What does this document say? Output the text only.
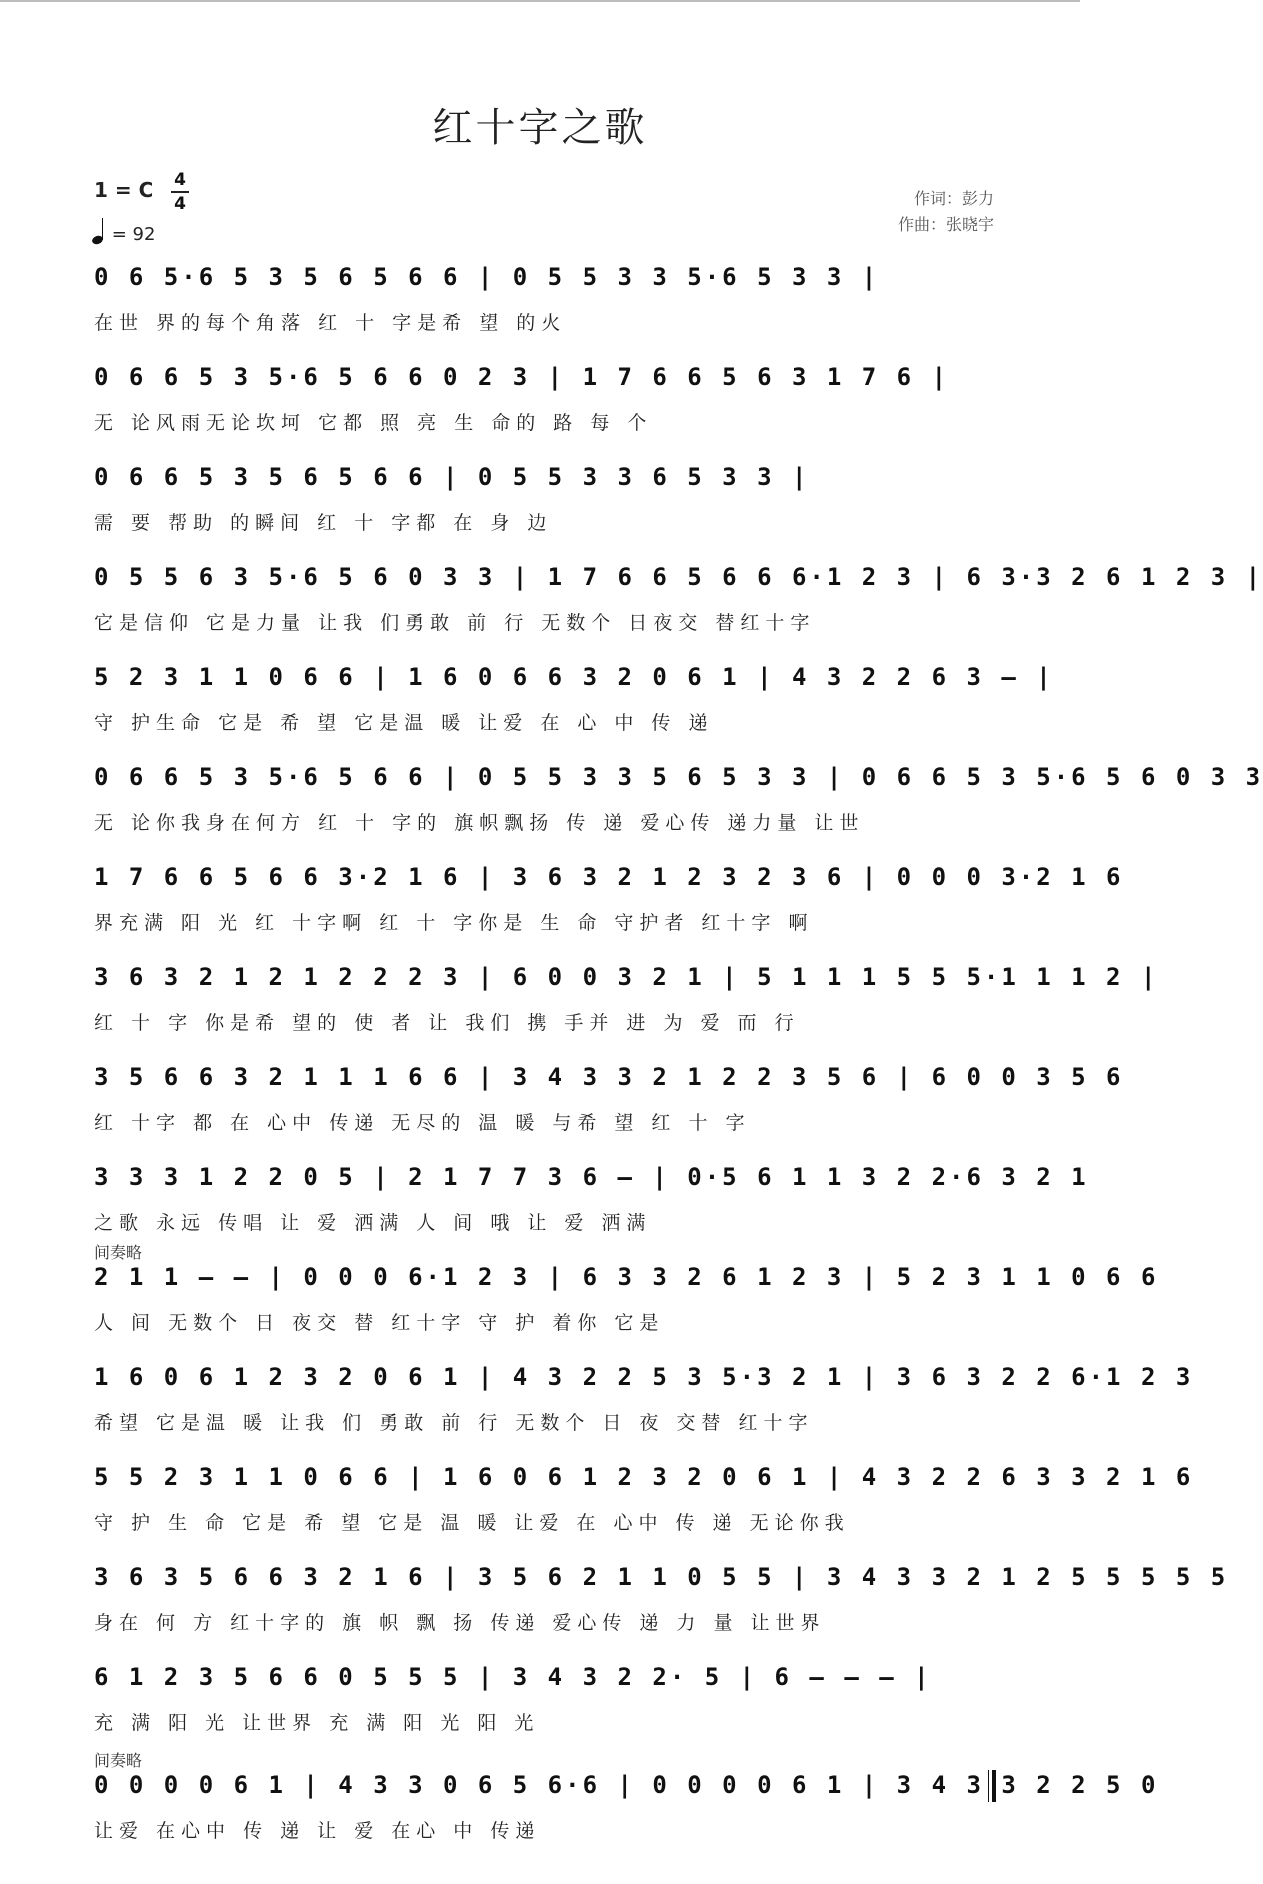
红十字之歌
1 = C 4
4
= 92
作词：彭力
作曲：张晓宇
0 6 5·6 5 3 5 6 5 6 6 | 0 5 5 3 3 5·6 5 3 3 |
在世 界的每个角落 红 十 字是希 望 的火
0 6 6 5 3 5·6 5 6 6 0 2 3 | 1 7 6 6 5 6 3 1 7 6 |
无 论风雨无论坎坷 它都 照 亮 生 命的 路 每 个
0 6 6 5 3 5 6 5 6 6 | 0 5 5 3 3 6 5 3 3 |
需 要 帮助 的瞬间 红 十 字都 在 身 边
0 5 5 6 3 5·6 5 6 0 3 3 | 1 7 6 6 5 6 6 6·1 2 3 | 6 3·3 2 6 1 2 3 |
它是信仰 它是力量 让我 们勇敢 前 行 无数个 日夜交 替红十字
5 2 3 1 1 0 6 6 | 1 6 0 6 6 3 2 0 6 1 | 4 3 2 2 6 3 – |
守 护生命 它是 希 望 它是温 暖 让爱 在 心 中 传 递
0 6 6 5 3 5·6 5 6 6 | 0 5 5 3 3 5 6 5 3 3 | 0 6 6 5 3 5·6 5 6 0 3 3
无 论你我身在何方 红 十 字的 旗帜飘扬 传 递 爱心传 递力量 让世
1 7 6 6 5 6 6 3·2 1 6 | 3 6 3 2 1 2 3 2 3 6 | 0 0 0 3·2 1 6
界充满 阳 光 红 十字啊 红 十 字你是 生 命 守护者 红十字 啊
3 6 3 2 1 2 1 2 2 2 3 | 6 0 0 3 2 1 | 5 1 1 1 5 5 5·1 1 1 2 |
红 十 字 你是希 望的 使 者 让 我们 携 手并 进 为 爱 而 行
3 5 6 6 3 2 1 1 1 6 6 | 3 4 3 3 2 1 2 2 3 5 6 | 6 0 0 3 5 6
红 十字 都 在 心中 传递 无尽的 温 暖 与希 望 红 十 字
3 3 3 1 2 2 0 5 | 2 1 7 7 3 6 – | 0·5 6 1 1 3 2 2·6 3 2 1
之歌 永远 传唱 让 爱 洒满 人 间 哦 让 爱 洒满
间奏略
2 1 1 – – | 0 0 0 6·1 2 3 | 6 3 3 2 6 1 2 3 | 5 2 3 1 1 0 6 6
人 间 无数个 日 夜交 替 红十字 守 护 着你 它是
1 6 0 6 1 2 3 2 0 6 1 | 4 3 2 2 5 3 5·3 2 1 | 3 6 3 2 2 6·1 2 3
希望 它是温 暖 让我 们 勇敢 前 行 无数个 日 夜 交替 红十字
5 5 2 3 1 1 0 6 6 | 1 6 0 6 1 2 3 2 0 6 1 | 4 3 2 2 6 3 3 2 1 6
守 护 生 命 它是 希 望 它是 温 暖 让爱 在 心中 传 递 无论你我
3 6 3 5 6 6 3 2 1 6 | 3 5 6 2 1 1 0 5 5 | 3 4 3 3 2 1 2 5 5 5 5 5
身在 何 方 红十字的 旗 帜 飘 扬 传递 爱心传 递 力 量 让世界
6 1 2 3 5 6 6 0 5 5 5 | 3 4 3 2 2· 5 | 6 – – – |
充 满 阳 光 让世界 充 满 阳 光 阳 光
间奏略
0 0 0 0 6 1 | 4 3 3 0 6 5 6·6 | 0 0 0 0 6 1 | 3 4 3 3 2 2 5 0
让爱 在心中 传 递 让 爱 在心 中 传递
